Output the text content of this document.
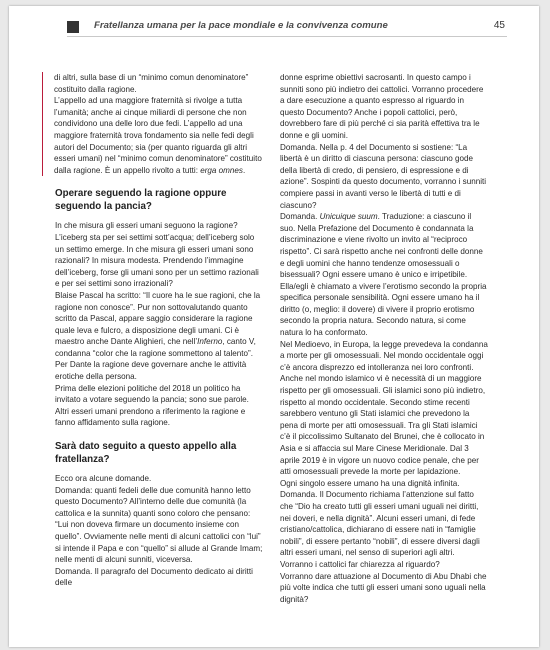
Fratellanza umana per la pace mondiale e la convivenza comune	45

di altri, sulla base di un “minimo comun denominatore” costituito dalla ragione.
L’appello ad una maggiore fraternità si rivolge a tutta l’umanità; anche ai cinque miliardi di persone che non condividono una delle loro due fedi. L’appello ad una maggiore fraternità trova fondamento sia nelle fedi degli autori del Documento; sia (per quanto riguarda gli altri esseri umani) nel “minimo comun denominatore” costituito dalla ragione. È un appello rivolto a tutti: erga omnes.

Operare seguendo la ragione oppure seguendo la pancia?

In che misura gli esseri umani seguono la ragione? L’iceberg sta per sei settimi sott’acqua; dell’iceberg solo un settimo emerge. In che misura gli esseri umani sono razionali? In misura modesta. Prendendo l’immagine dell’iceberg, forse gli umani sono per un settimo razionali e per sei settimi sono irrazionali?

Blaise Pascal ha scritto: “Il cuore ha le sue ragioni, che la ragione non conosce”. Pur non sottovalutando quanto scritto da Pascal, appare saggio considerare la ragione quale leva e fulcro, a disposizione degli umani. Ci è maestro anche Dante Alighieri, che nell’Inferno, canto V, condanna “color che la ragione sommettono al talento”. Per Dante la ragione deve governare anche le attività erotiche della persona.

Prima delle elezioni politiche del 2018 un politico ha invitato a votare seguendo la pancia; sono sue parole. Altri esseri umani prendono a riferimento la ragione e fanno affidamento sulla ragione.

Sarà dato seguito a questo appello alla fratellanza?

Ecco ora alcune domande.

Domanda: quanti fedeli delle due comunità hanno letto questo Documento? All’interno delle due comunità (la cattolica e la sunnita) quanti sono coloro che pensano: “Lui non doveva firmare un documento insieme con quello”. Ovviamente nelle menti di alcuni cattolici con “lui” si intende il Papa e con “quello” si allude al Grande Imam; nelle menti di alcuni sunniti, viceversa.

Domanda. Il paragrafo del Documento dedicato ai diritti delle

donne esprime obiettivi sacrosanti. In questo campo i sunniti sono più indietro dei cattolici. Vorranno procedere a dare esecuzione a quanto espresso al riguardo in questo Documento? Anche i popoli cattolici, però, dovrebbero fare di più perché ci sia parità effettiva tra le donne e gli uomini.

Domanda. Nella p. 4 del Documento si sostiene: “La libertà è un diritto di ciascuna persona: ciascuno gode della libertà di credo, di pensiero, di espressione e di azione”. Sospinti da questo documento, vorranno i sunniti compiere passi in avanti verso le libertà di tutti e di ciascuno?

Domanda. Unicuique suum. Traduzione: a ciascuno il suo. Nella Prefazione del Documento è condannata la discriminazione e viene rivolto un invito al “reciproco rispetto”. Ci sarà rispetto anche nei confronti delle donne e degli uomini che hanno tendenze omosessuali o bisessuali? Ogni essere umano è unico e irripetibile. Ella/egli è chiamato a vivere l’erotismo secondo la propria specifica personale sensibilità. Ogni essere umano ha il diritto (o, meglio: il dovere) di vivere il proprio erotismo secondo la propria natura. Secondo natura, si come natura lo ha conformato.

Nel Medioevo, in Europa, la legge prevedeva la condanna a morte per gli omosessuali. Nel mondo occidentale oggi c’è ancora disprezzo ed intolleranza nei loro confronti.

Anche nel mondo islamico vi è necessità di un maggiore rispetto per gli omosessuali. Gli islamici sono più indietro, rispetto al mondo occidentale. Secondo stime recenti sarebbero ventuno gli Stati islamici che prevedono la pena di morte per atti omosessuali. Tra gli Stati islamici c’è il piccolissimo Sultanato del Brunei, che è collocato in Asia e si affaccia sul Mare Cinese Meridionale. Dal 3 aprile 2019 è in vigore un nuovo codice penale, che per atti omosessuali prevede la morte per lapidazione.

Ogni singolo essere umano ha una dignità infinita.

Domanda. Il Documento richiama l’attenzione sul fatto che “Dio ha creato tutti gli esseri umani uguali nei diritti, nei doveri, e nella dignità”. Alcuni esseri umani, di fede cristiano/cattolica, dichiarano di essere nati in “famiglie nobili”, di essere pertanto “nobili”, di essere diversi dagli altri esseri umani, nel senso di superiori agli altri. Vorranno i cattolici far chiarezza al riguardo?

Vorranno dare attuazione al Documento di Abu Dhabi che più volte indica che tutti gli esseri umani sono uguali nella dignità?
